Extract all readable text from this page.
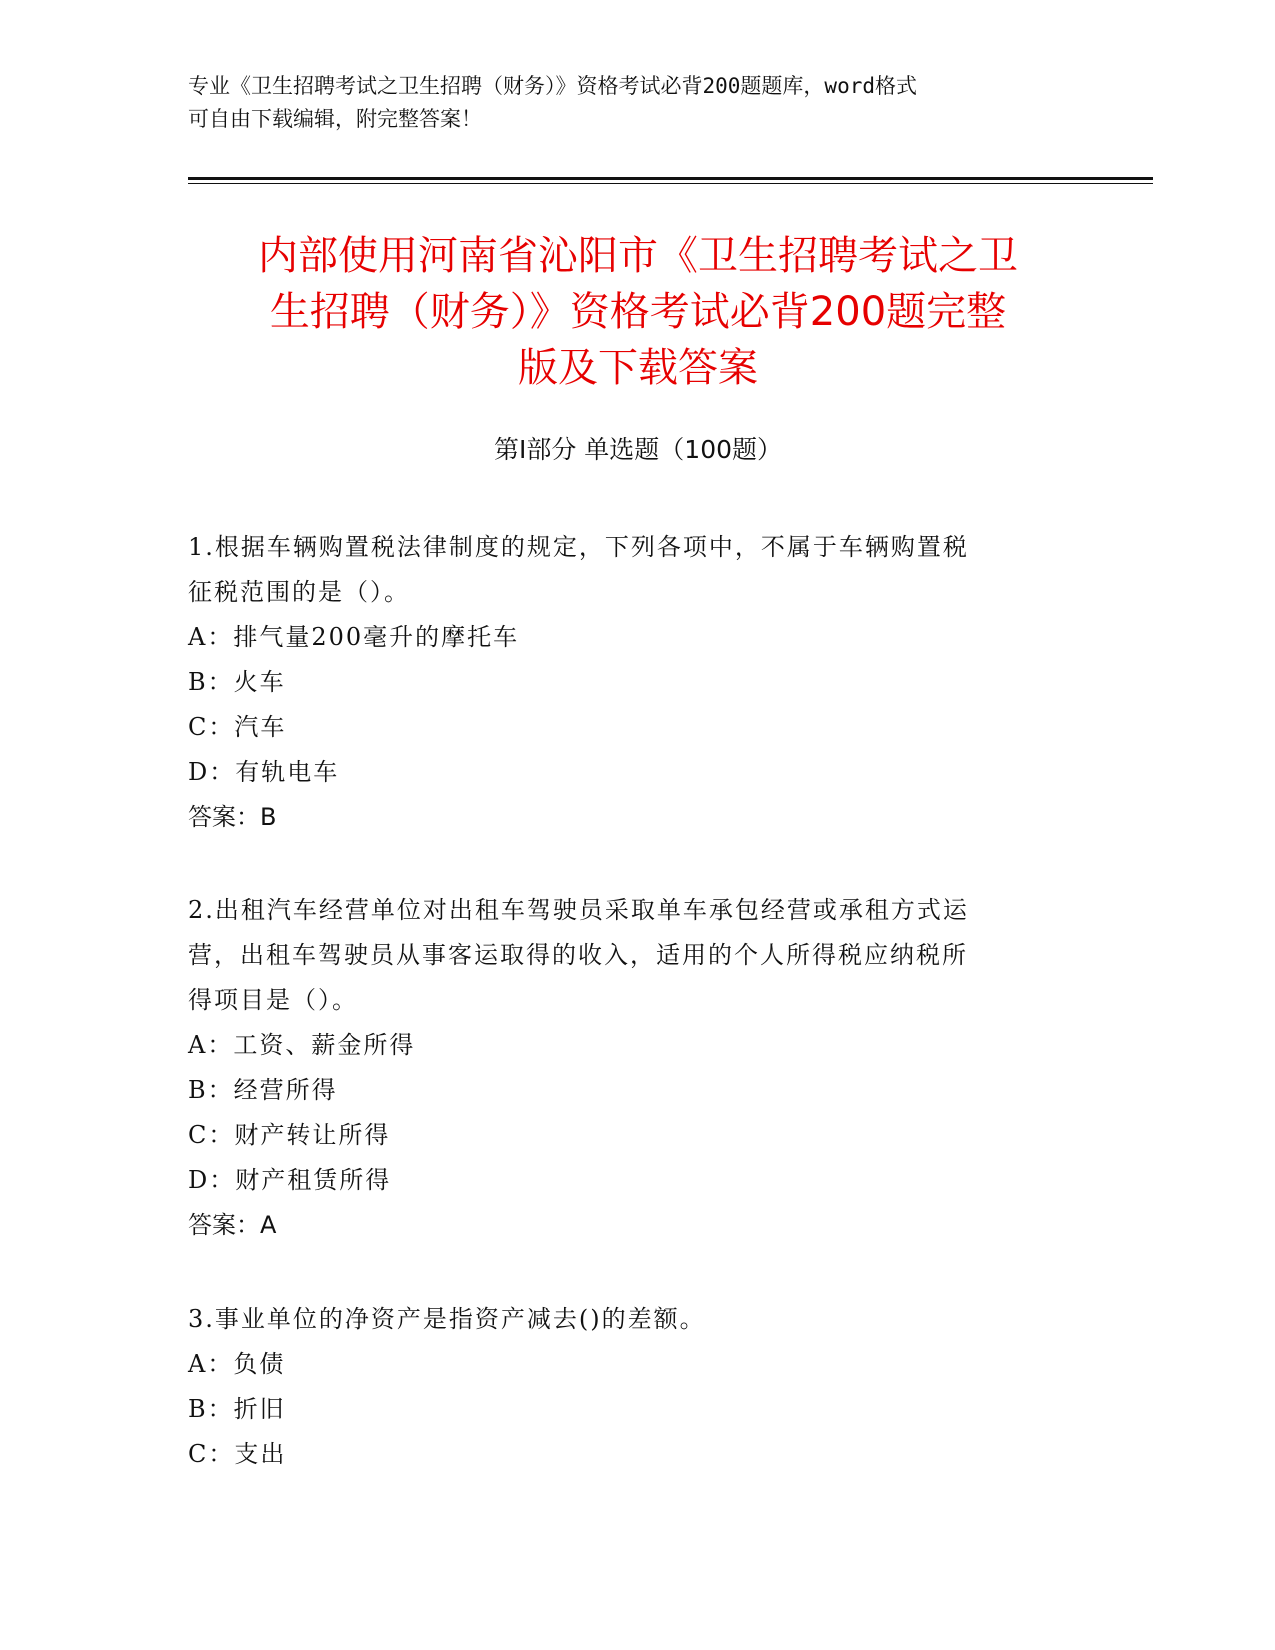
专业《卫生招聘考试之卫生招聘（财务）》资格考试必背200题题库，word格式
可自由下载编辑，附完整答案！
内部使用河南省沁阳市《卫生招聘考试之卫
生招聘（财务）》资格考试必背200题完整
版及下载答案
第Ⅰ部分 单选题（100题）
1.根据车辆购置税法律制度的规定，下列各项中，不属于车辆购置税
征税范围的是（）。
A：排气量200毫升的摩托车
B：火车
C：汽车
D：有轨电车
答案：B
2.出租汽车经营单位对出租车驾驶员采取单车承包经营或承租方式运
营，出租车驾驶员从事客运取得的收入，适用的个人所得税应纳税所
得项目是（）。
A：工资、薪金所得
B：经营所得
C：财产转让所得
D：财产租赁所得
答案：A
3.事业单位的净资产是指资产减去()的差额。
A：负债
B：折旧
C：支出
